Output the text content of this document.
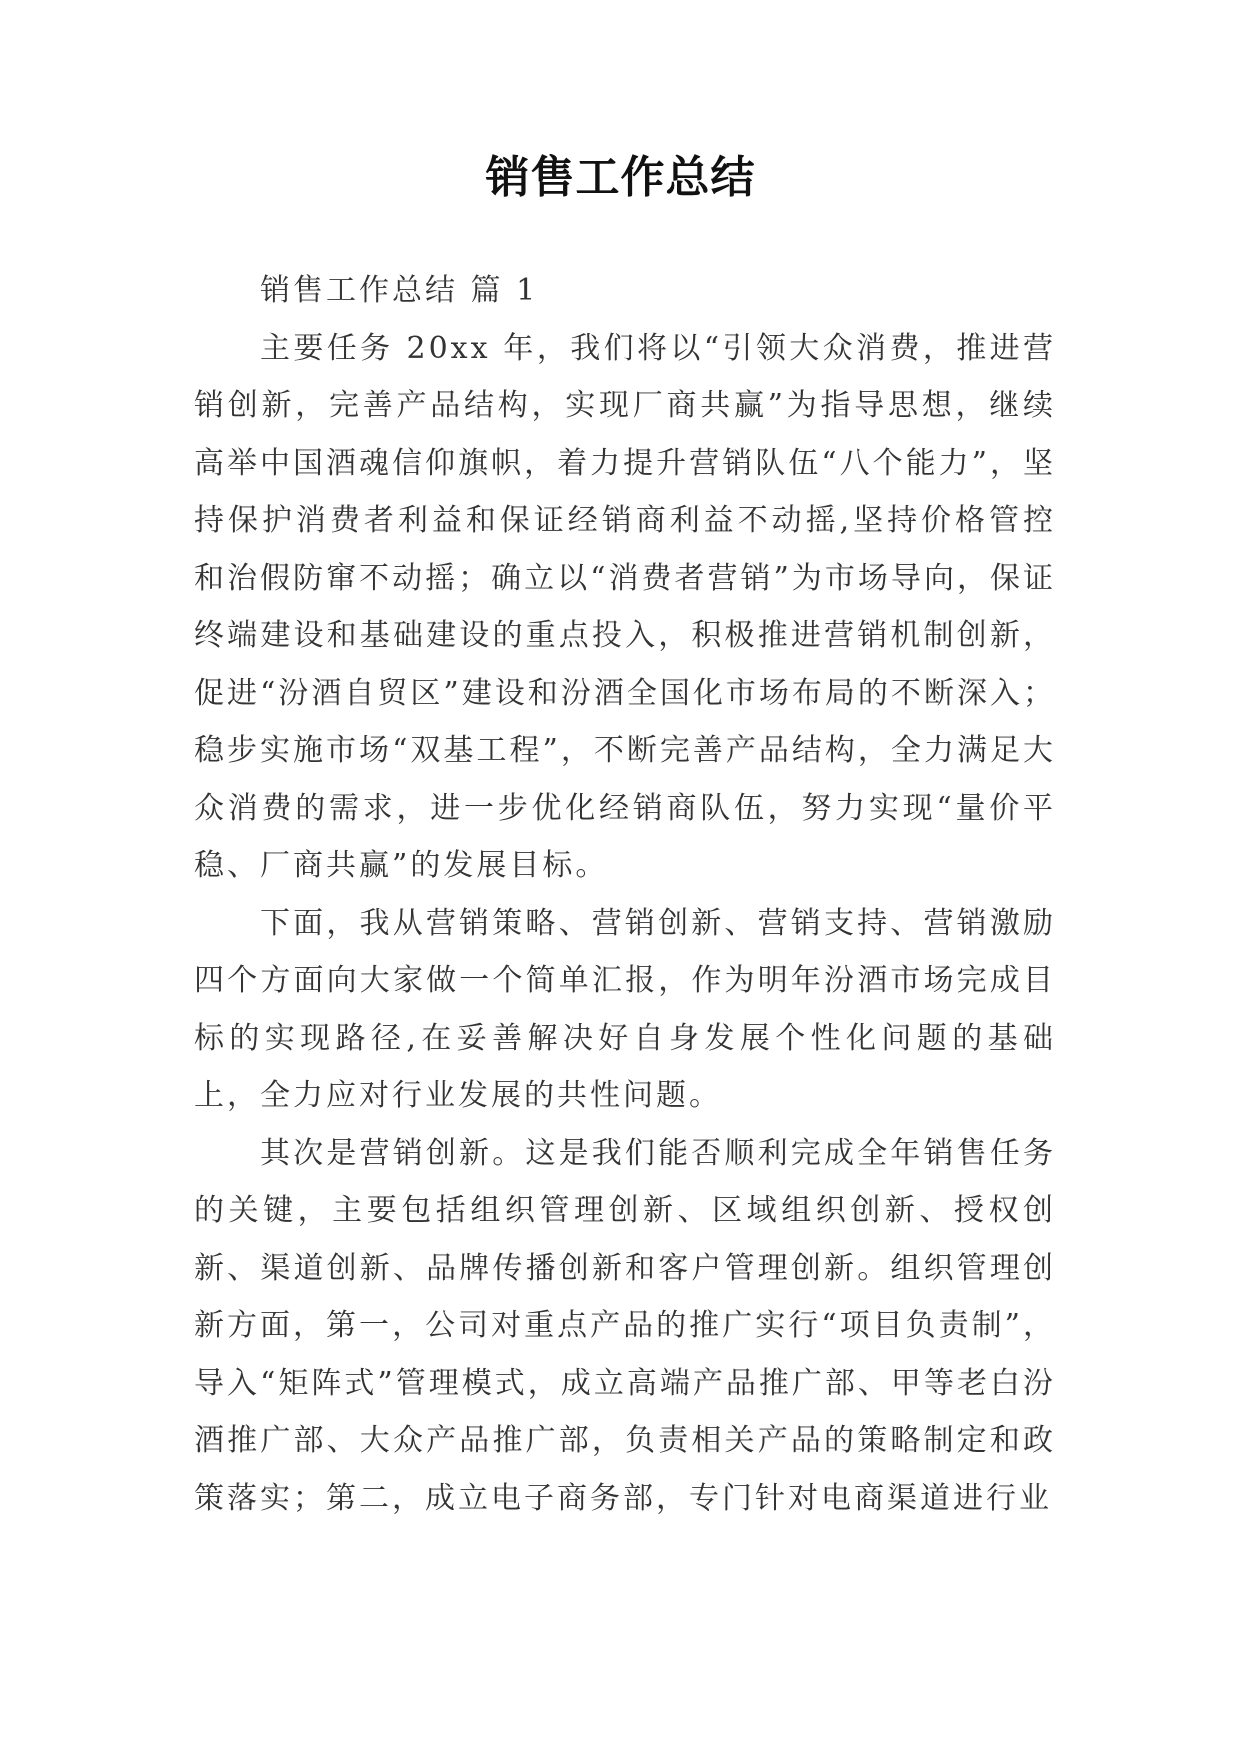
销售工作总结

销售工作总结 篇 1

主要任务 20xx 年，我们将以“引领大众消费，推进营销创新，完善产品结构，实现厂商共赢”为指导思想，继续高举中国酒魂信仰旗帜，着力提升营销队伍“八个能力”，坚持保护消费者利益和保证经销商利益不动摇,坚持价格管控和治假防窜不动摇；确立以“消费者营销”为市场导向，保证终端建设和基础建设的重点投入，积极推进营销机制创新，促进“汾酒自贸区”建设和汾酒全国化市场布局的不断深入；稳步实施市场“双基工程”，不断完善产品结构，全力满足大众消费的需求，进一步优化经销商队伍，努力实现“量价平稳、厂商共赢”的发展目标。

下面，我从营销策略、营销创新、营销支持、营销激励四个方面向大家做一个简单汇报，作为明年汾酒市场完成目标的实现路径,在妥善解决好自身发展个性化问题的基础上，全力应对行业发展的共性问题。

其次是营销创新。这是我们能否顺利完成全年销售任务的关键，主要包括组织管理创新、区域组织创新、授权创新、渠道创新、品牌传播创新和客户管理创新。组织管理创新方面，第一，公司对重点产品的推广实行“项目负责制”，导入“矩阵式”管理模式，成立高端产品推广部、甲等老白汾酒推广部、大众产品推广部，负责相关产品的策略制定和政策落实；第二，成立电子商务部，专门针对电商渠道进行业
